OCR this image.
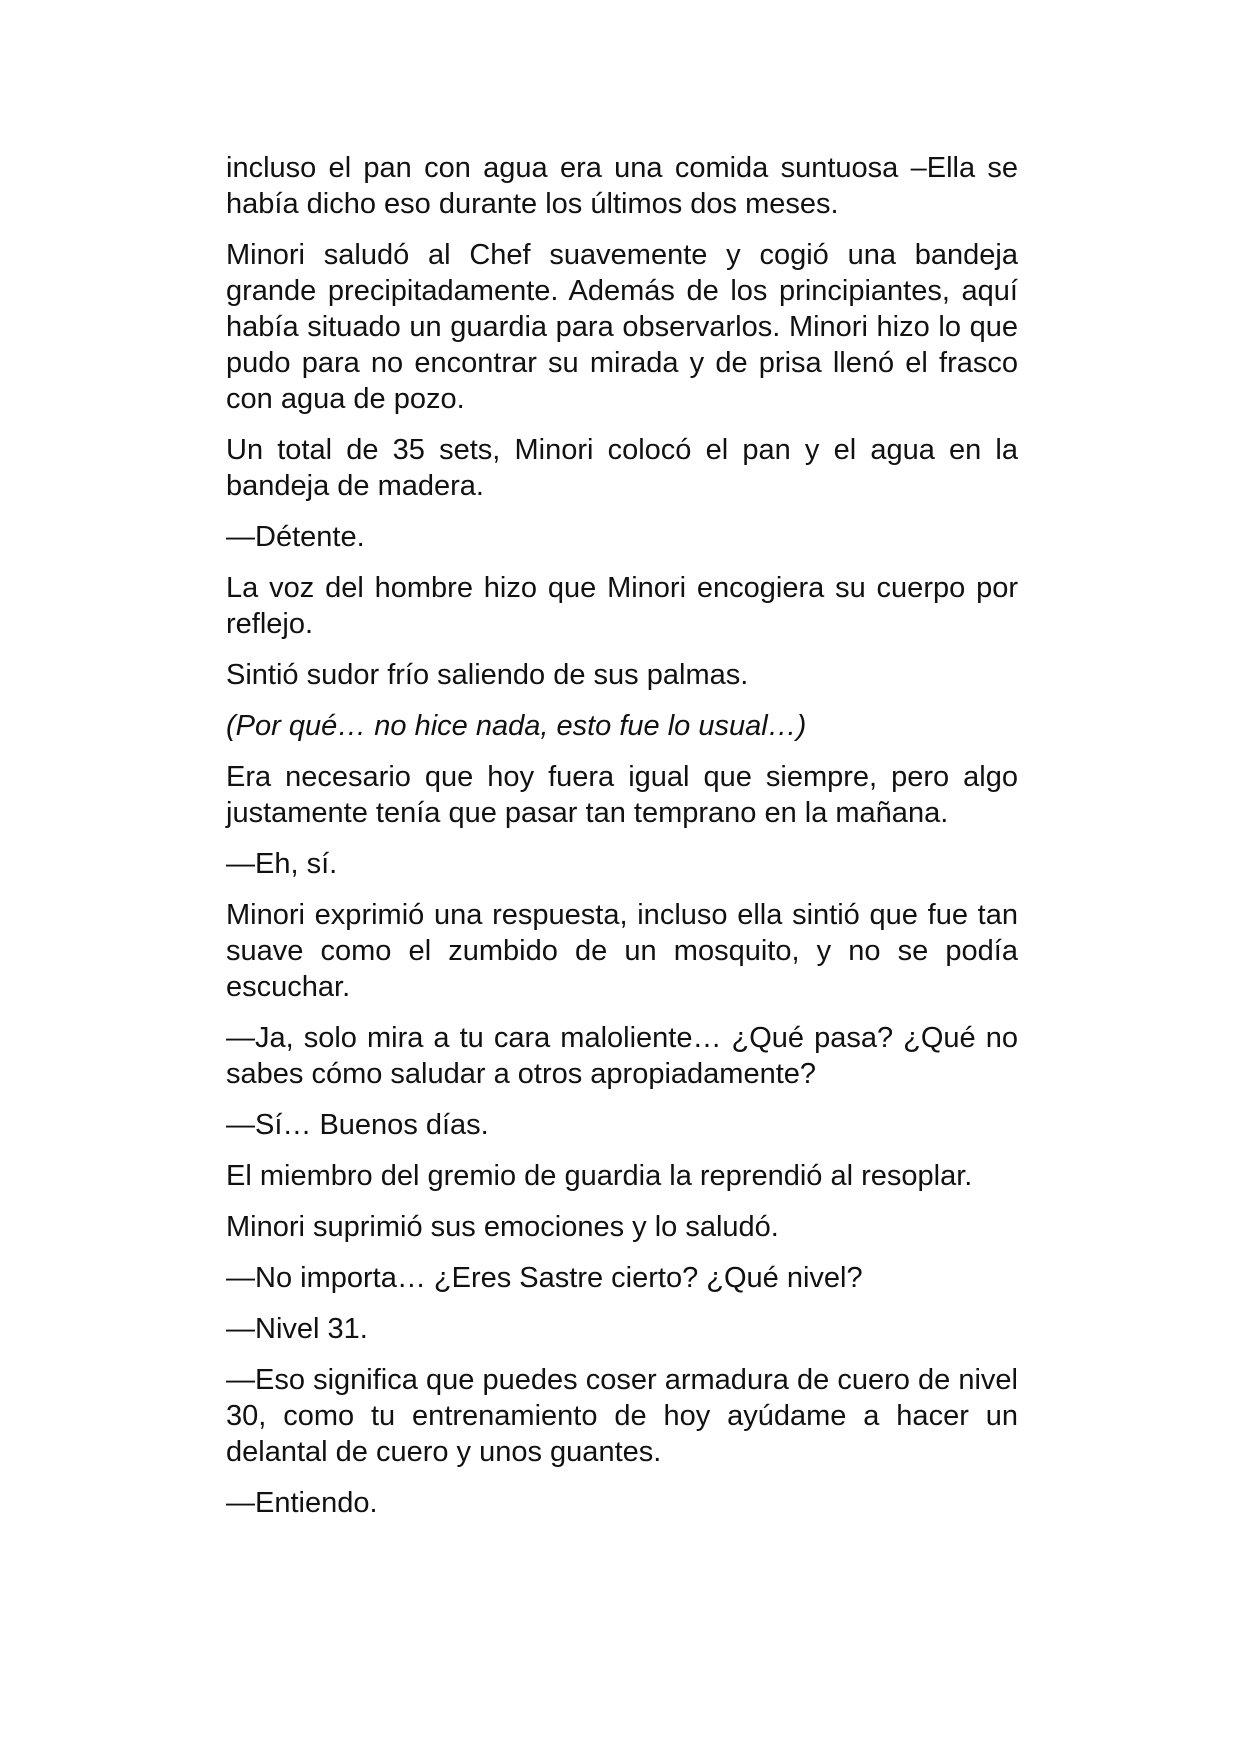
incluso el pan con agua era una comida suntuosa –Ella se había dicho eso durante los últimos dos meses.

Minori saludó al Chef suavemente y cogió una bandeja grande precipitadamente. Además de los principiantes, aquí había situado un guardia para observarlos. Minori hizo lo que pudo para no encontrar su mirada y de prisa llenó el frasco con agua de pozo.

Un total de 35 sets, Minori colocó el pan y el agua en la bandeja de madera.

—Détente.

La voz del hombre hizo que Minori encogiera su cuerpo por reflejo.

Sintió sudor frío saliendo de sus palmas.

(Por qué… no hice nada, esto fue lo usual…)

Era necesario que hoy fuera igual que siempre, pero algo justamente tenía que pasar tan temprano en la mañana.

—Eh, sí.

Minori exprimió una respuesta, incluso ella sintió que fue tan suave como el zumbido de un mosquito, y no se podía escuchar.

—Ja, solo mira a tu cara maloliente… ¿Qué pasa? ¿Qué no sabes cómo saludar a otros apropiadamente?

—Sí… Buenos días.

El miembro del gremio de guardia la reprendió al resoplar.

Minori suprimió sus emociones y lo saludó.

—No importa… ¿Eres Sastre cierto? ¿Qué nivel?

—Nivel 31.

—Eso significa que puedes coser armadura de cuero de nivel 30, como tu entrenamiento de hoy ayúdame a hacer un delantal de cuero y unos guantes.

—Entiendo.
